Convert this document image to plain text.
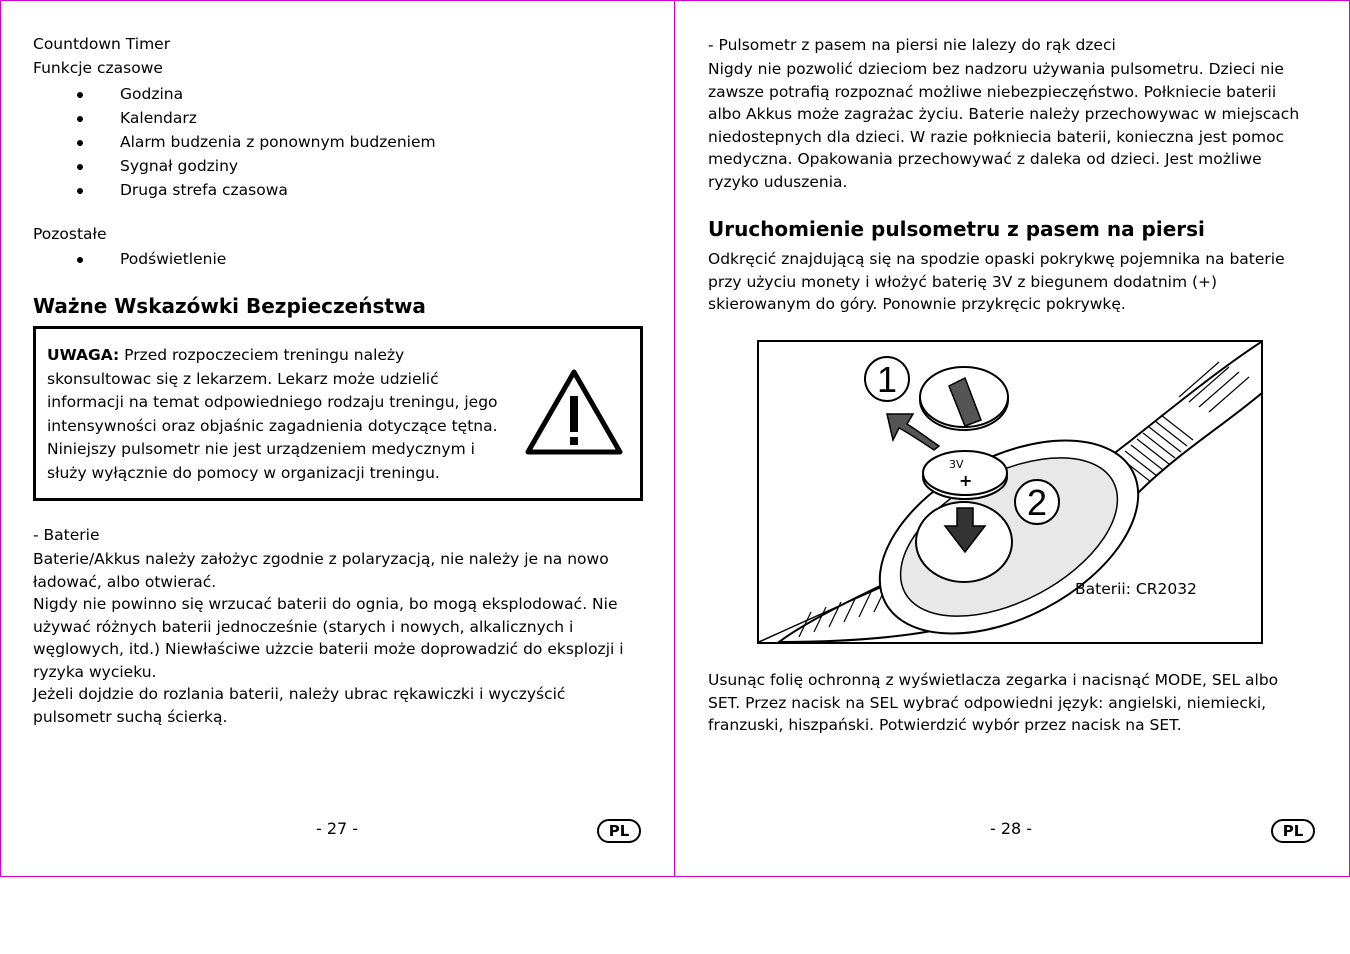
Countdown Timer
Funkcje czasowe
Godzina
Kalendarz
Alarm budzenia z ponownym budzeniem
Sygnał godziny
Druga strefa czasowa
Pozostałe
Podświetlenie
Ważne Wskazówki Bezpieczeństwa
UWAGA: Przed rozpoczeciem treningu należy skonsultowac się z lekarzem. Lekarz może udzielić informacji na temat odpowiedniego rodzaju treningu, jego intensywności oraz objaśnic zagadnienia dotyczące tętna. Niniejszy pulsometr nie jest urządzeniem medycznym i służy wyłącznie do pomocy w organizacji treningu.
- Baterie
Baterie/Akkus należy założyc zgodnie z polaryzacją, nie należy je na nowo ładować, albo otwierać.
Nigdy nie powinno się wrzucać baterii do ognia, bo mogą eksplodować. Nie używać różnych baterii jednocześnie (starych i nowych, alkalicznych i węglowych, itd.) Niewłaściwe użzcie baterii może doprowadzić do eksplozji i ryzyka wycieku.
Jeżeli dojdzie do rozlania baterii, należy ubrac rękawiczki i wyczyścić pulsometr suchą ścierką.
- 27 -	PL
- Pulsometr z pasem na piersi nie lalezy do rąk dzeci
Nigdy nie pozwolić dzieciom bez nadzoru używania pulsometru. Dzieci nie zawsze potrafią rozpoznać możliwe niebezpieczęństwo. Połkniecie baterii albo Akkus może zagrażac życiu. Baterie należy przechowywac w miejscach niedostepnych dla dzieci. W razie połkniecia baterii, konieczna jest pomoc medyczna. Opakowania przechowywać z daleka od dzieci. Jest możliwe ryzyko uduszenia.
Uruchomienie pulsometru z pasem na piersi
Odkręcić znajdującą się na spodzie opaski pokrykwę pojemnika na baterie przy użyciu monety i włożyć baterię 3V z biegunem dodatnim (+) skierowanym do góry. Ponownie przykręcic pokrywkę.
3V
+
1
2
Baterii: CR2032
Usunąc folię ochronną z wyświetlacza zegarka i nacisnąć MODE, SEL albo SET. Przez nacisk na SEL wybrać odpowiedni język: angielski, niemiecki, franzuski, hiszpański. Potwierdzić wybór przez nacisk na SET.
- 28 -	PL
